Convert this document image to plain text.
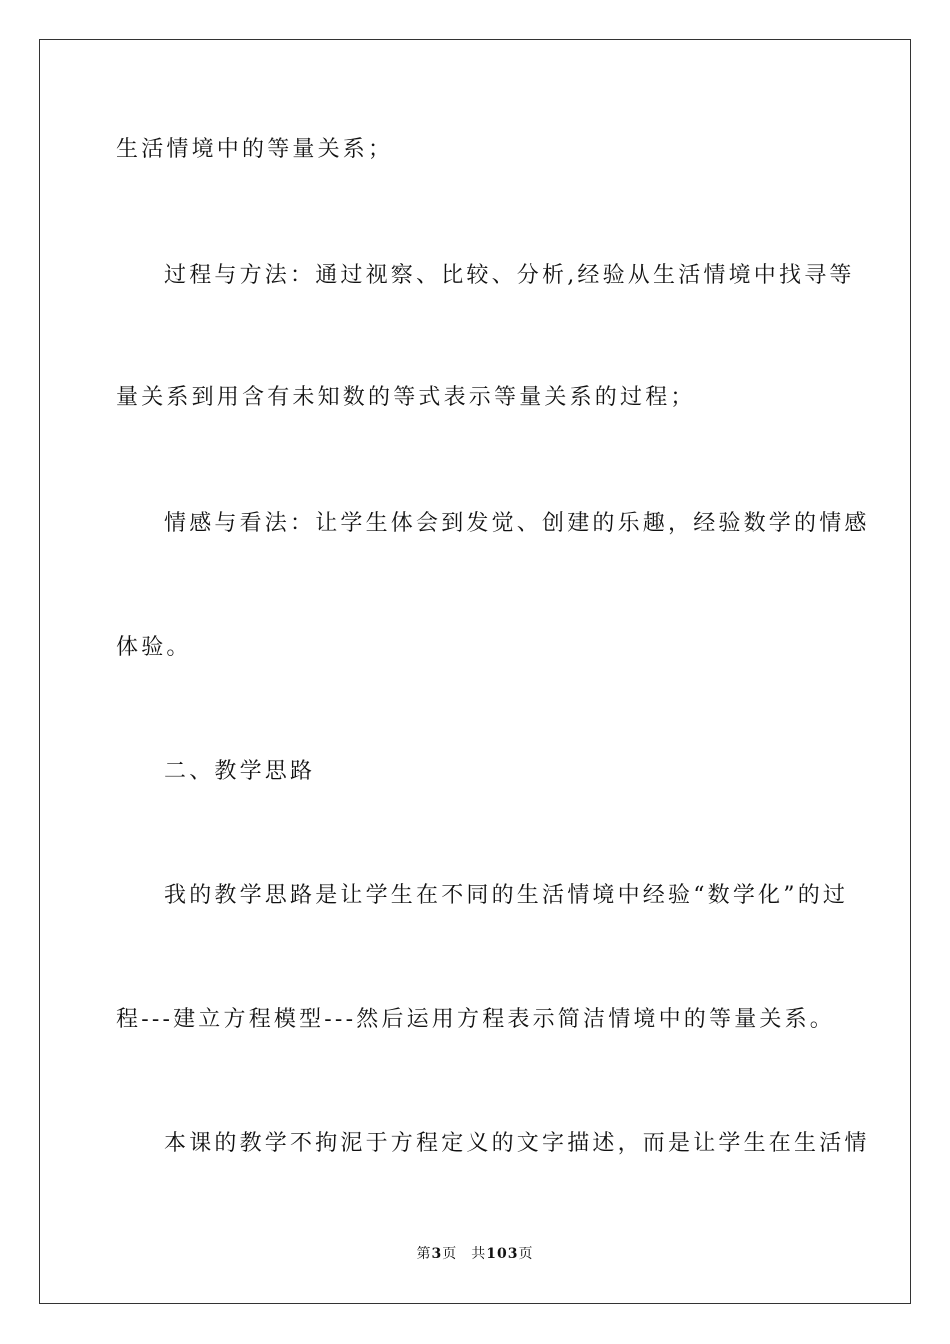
生活情境中的等量关系；
过程与方法：通过视察、比较、分析,经验从生活情境中找寻等
量关系到用含有未知数的等式表示等量关系的过程；
情感与看法：让学生体会到发觉、创建的乐趣，经验数学的情感
体验。
二、教学思路
我的教学思路是让学生在不同的生活情境中经验“数学化”的过
程---建立方程模型---然后运用方程表示简洁情境中的等量关系。
本课的教学不拘泥于方程定义的文字描述，而是让学生在生活情
第3页 共103页
